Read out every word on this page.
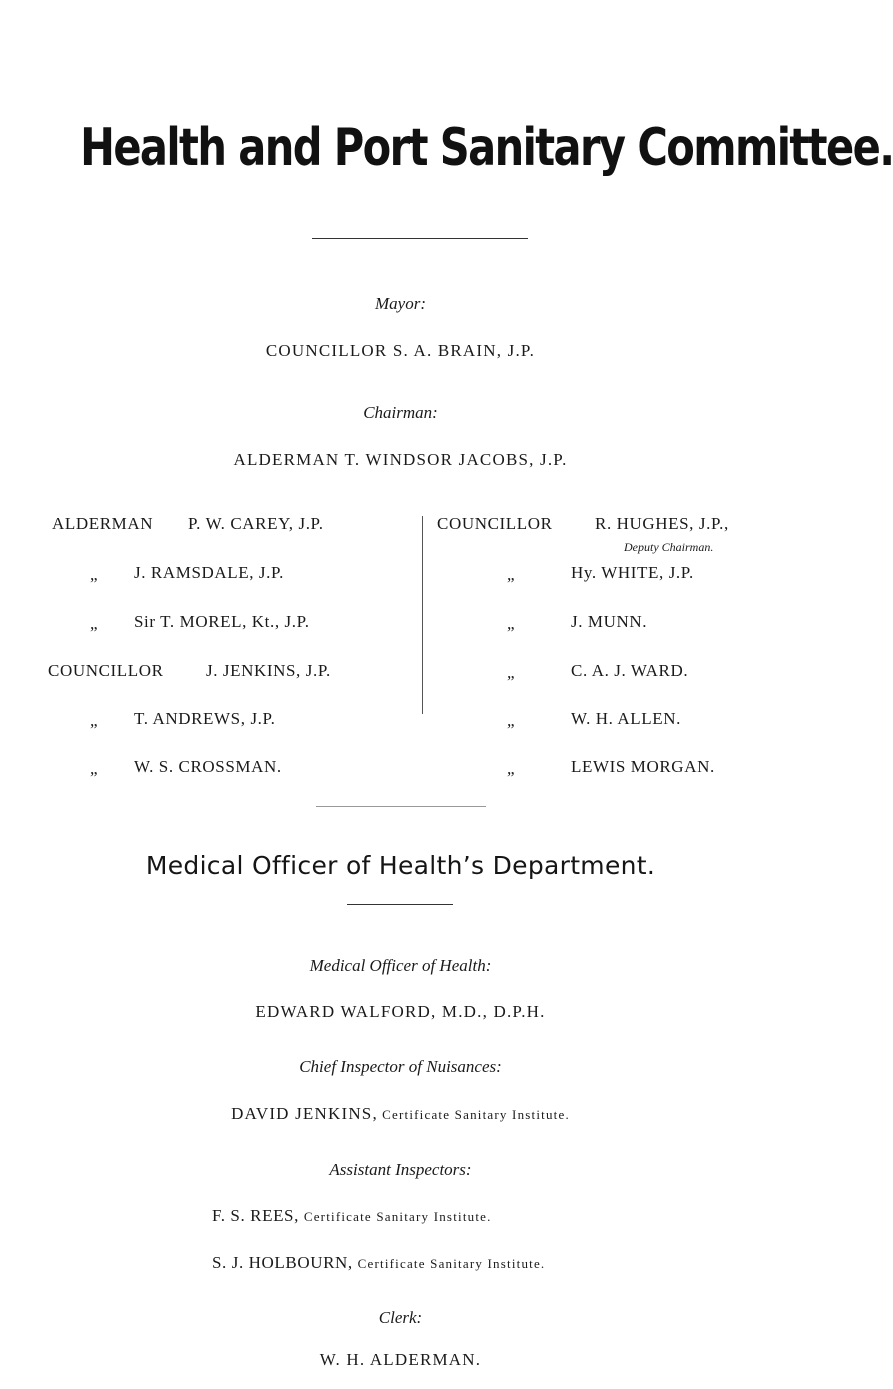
Health and Port Sanitary Committee.
Mayor:
COUNCILLOR S. A. BRAIN, J.P.
Chairman:
ALDERMAN T. WINDSOR JACOBS, J.P.
ALDERMAN P. W. CAREY, J.P.
„ J. RAMSDALE, J.P.
„ Sir T. MOREL, Kt., J.P.
COUNCILLOR J. JENKINS, J.P.
„ T. ANDREWS, J.P.
„ W. S. CROSSMAN.
COUNCILLOR R. HUGHES, J.P.,
Deputy Chairman.
„	Hy. WHITE, J.P.
„	J. MUNN.
„	C. A. J. WARD.
„	W. H. ALLEN.
„	LEWIS MORGAN.
Medical Officer of Health’s Department.
Medical Officer of Health:
EDWARD WALFORD, M.D., D.P.H.
Chief Inspector of Nuisances:
DAVID JENKINS, Certificate Sanitary Institute.
Assistant Inspectors:
F. S. REES, Certificate Sanitary Institute.
S. J. HOLBOURN, Certificate Sanitary Institute.
Clerk:
W. H. ALDERMAN.
